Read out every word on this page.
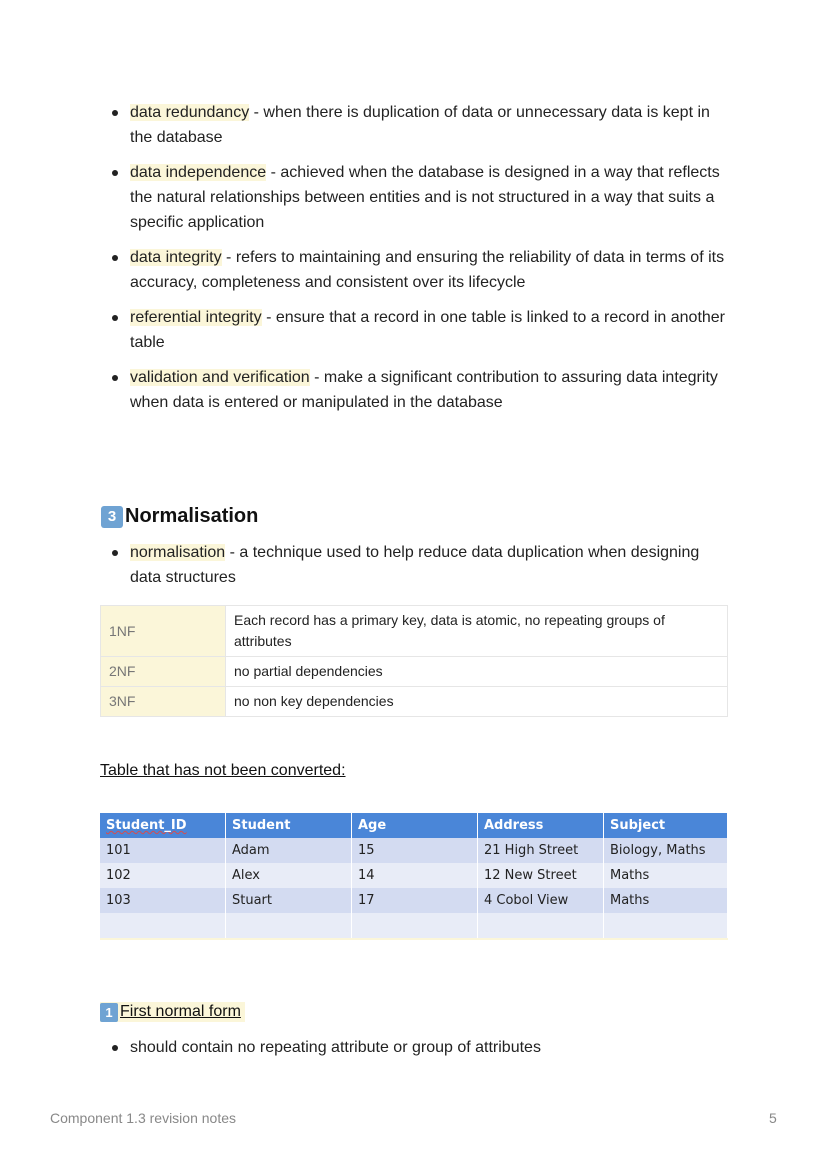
data redundancy - when there is duplication of data or unnecessary data is kept in the database
data independence - achieved when the database is designed in a way that reflects the natural relationships between entities and is not structured in a way that suits a specific application
data integrity - refers to maintaining and ensuring the reliability of data in terms of its accuracy, completeness and consistent over its lifecycle
referential integrity - ensure that a record in one table is linked to a record in another table
validation and verification - make a significant contribution to assuring data integrity when data is entered or manipulated in the database
3 Normalisation
normalisation - a technique used to help reduce data duplication when designing data structures
1NF	Each record has a primary key, data is atomic, no repeating groups of attributes
2NF	no partial dependencies
3NF	no non key dependencies
Table that has not been converted:
Student_ID	Student	Age	Address	Subject
101	Adam	15	21 High Street	Biology, Maths
102	Alex	14	12 New Street	Maths
103	Stuart	17	4 Cobol View	Maths

1 First normal form
should contain no repeating attribute or group of attributes
Component 1.3 revision notes	5
